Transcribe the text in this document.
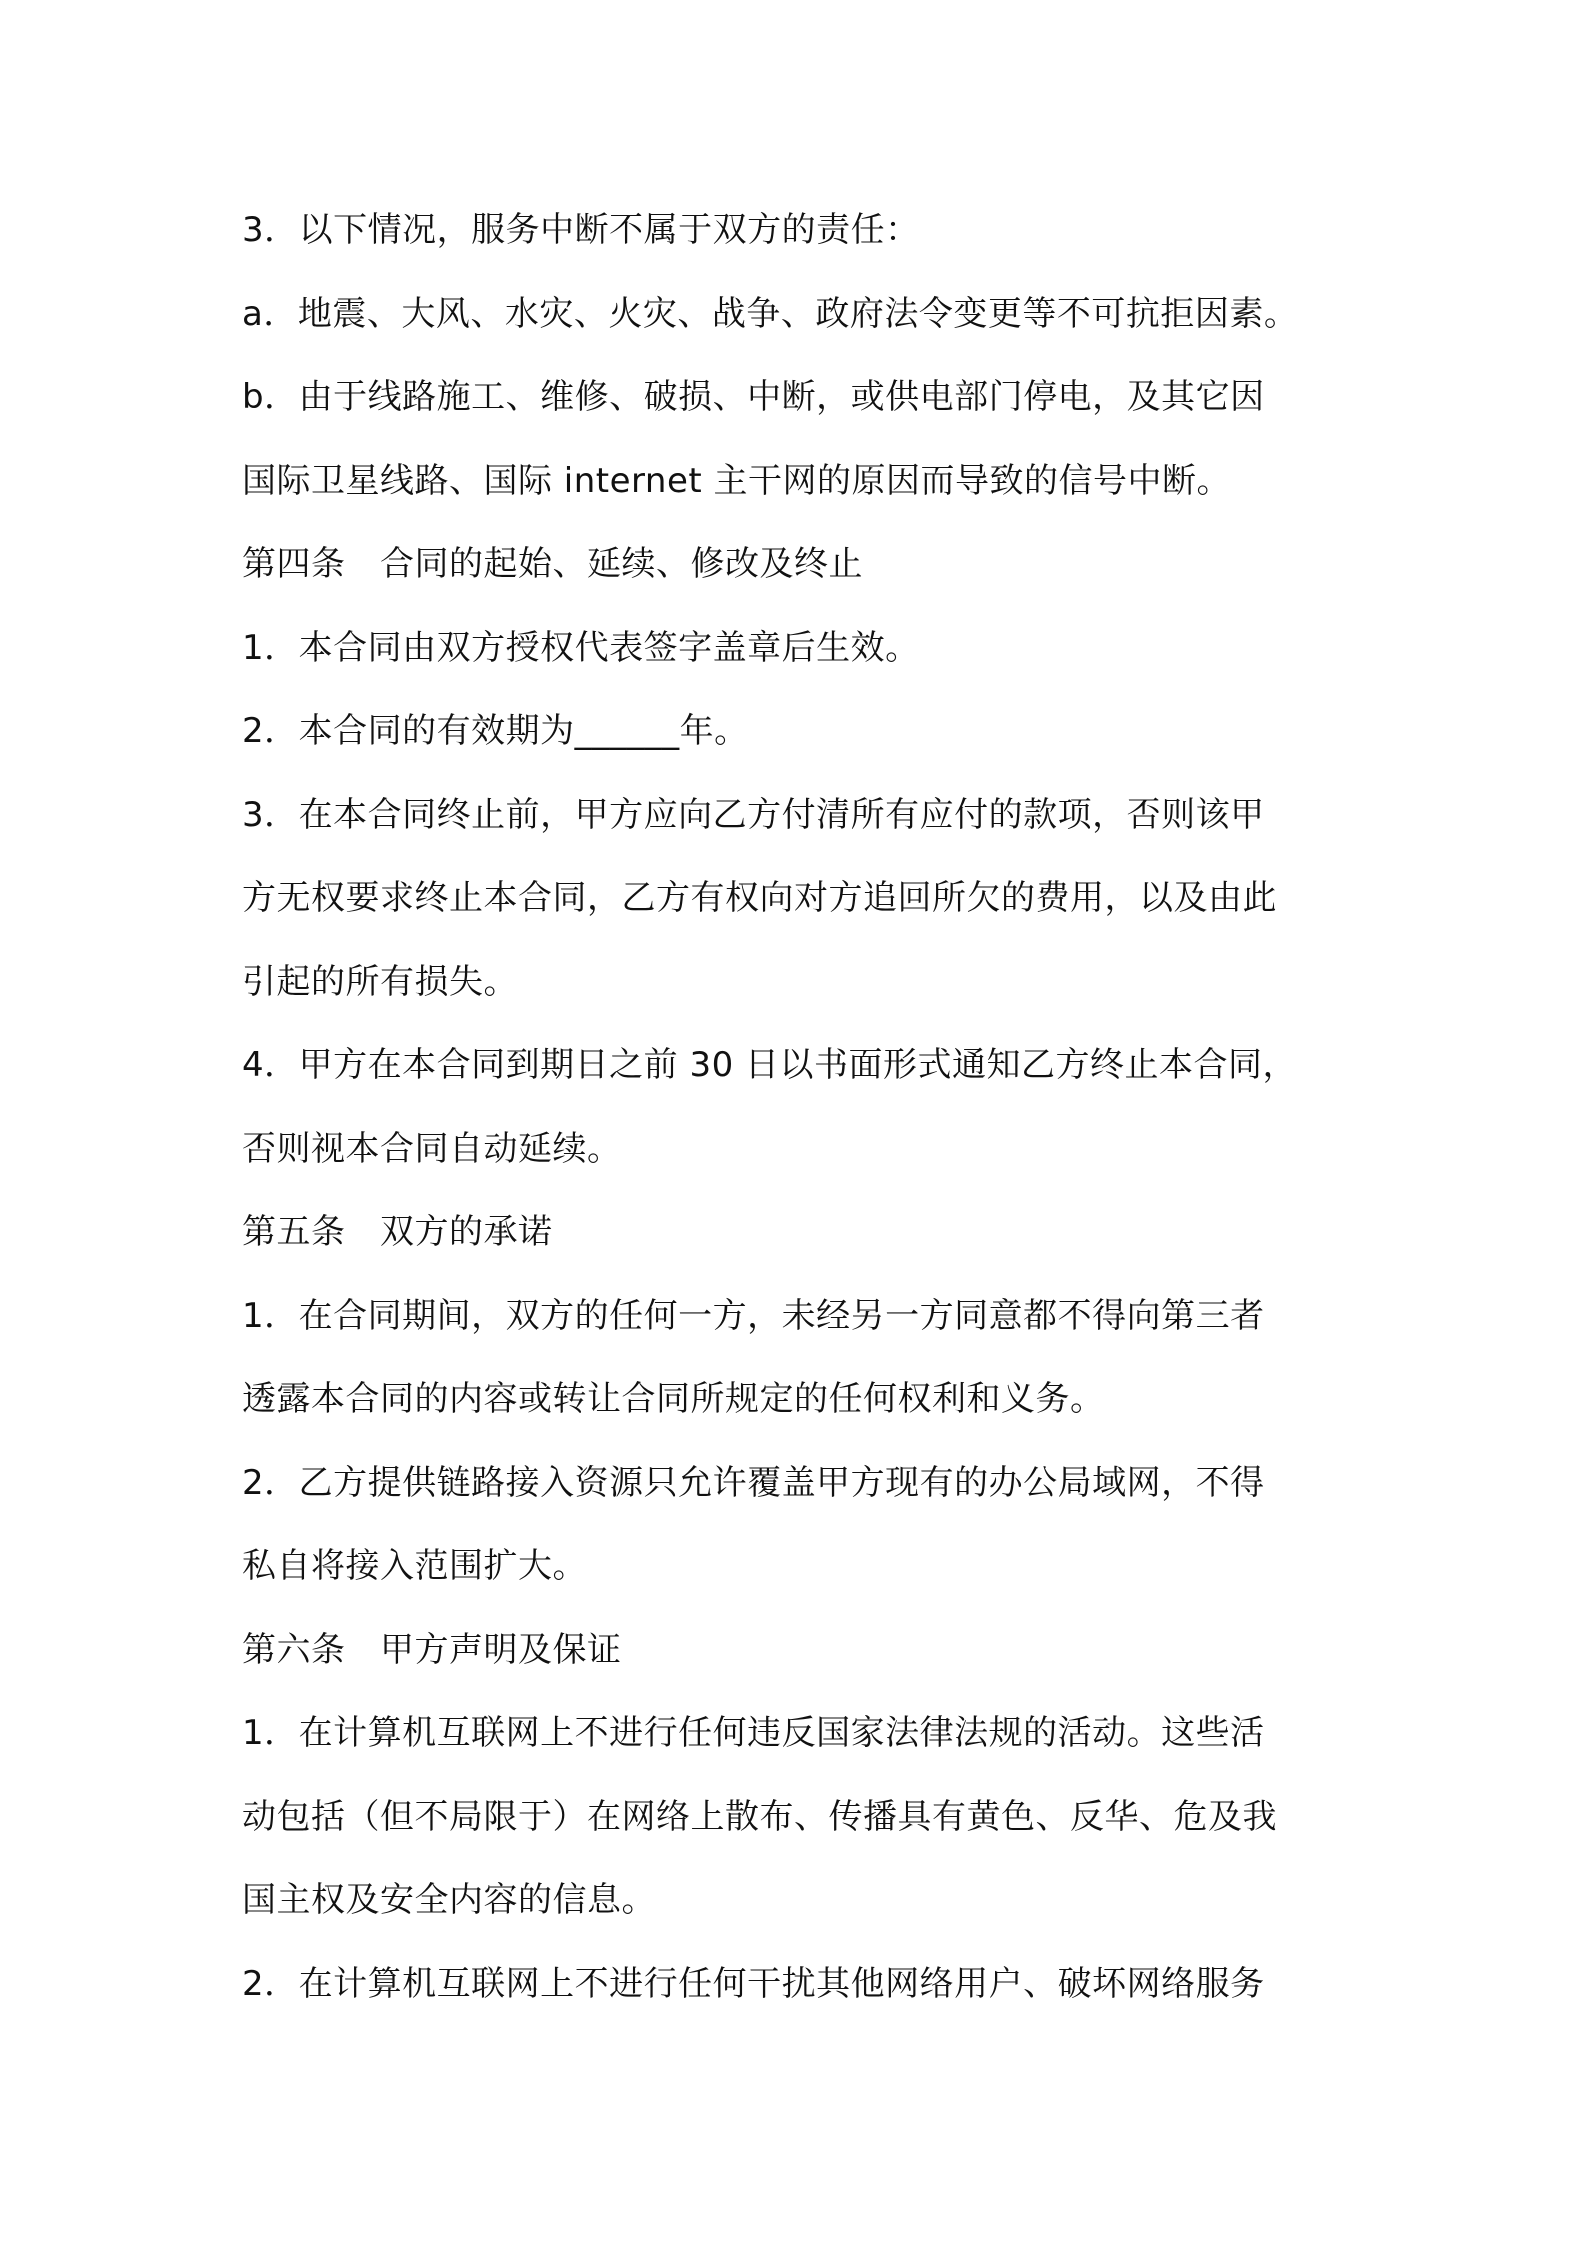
3．以下情况，服务中断不属于双方的责任：
a．地震、大风、水灾、火灾、战争、政府法令变更等不可抗拒因素。
b．由于线路施工、维修、破损、中断，或供电部门停电，及其它因
国际卫星线路、国际 internet 主干网的原因而导致的信号中断。
第四条　合同的起始、延续、修改及终止
1．本合同由双方授权代表签字盖章后生效。
2．本合同的有效期为______年。
3．在本合同终止前，甲方应向乙方付清所有应付的款项，否则该甲
方无权要求终止本合同，乙方有权向对方追回所欠的费用，以及由此
引起的所有损失。
4．甲方在本合同到期日之前 30 日以书面形式通知乙方终止本合同，
否则视本合同自动延续。
第五条　双方的承诺
1．在合同期间，双方的任何一方，未经另一方同意都不得向第三者
透露本合同的内容或转让合同所规定的任何权利和义务。
2．乙方提供链路接入资源只允许覆盖甲方现有的办公局域网，不得
私自将接入范围扩大。
第六条　甲方声明及保证
1．在计算机互联网上不进行任何违反国家法律法规的活动。这些活
动包括（但不局限于）在网络上散布、传播具有黄色、反华、危及我
国主权及安全内容的信息。
2．在计算机互联网上不进行任何干扰其他网络用户、破坏网络服务
